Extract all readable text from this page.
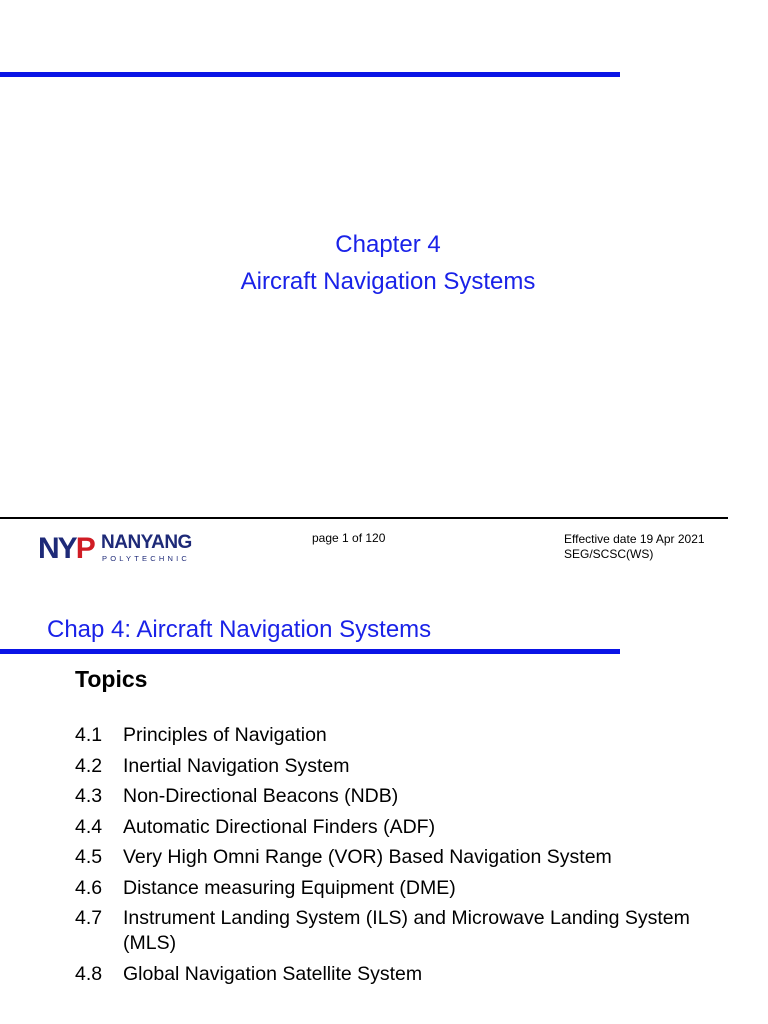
Chapter 4
Aircraft Navigation Systems
NYP NANYANG
POLYTECHNIC
page 1 of 120	Effective date 19 Apr 2021
SEG/SCSC(WS)
Chap 4: Aircraft Navigation Systems
Topics
4.1	Principles of Navigation
4.2	Inertial Navigation System
4.3	Non-Directional Beacons (NDB)
4.4	Automatic Directional Finders (ADF)
4.5	Very High Omni Range (VOR) Based Navigation System
4.6	Distance measuring Equipment (DME)
4.7	Instrument Landing System (ILS) and Microwave Landing System (MLS)
4.8	Global Navigation Satellite System
